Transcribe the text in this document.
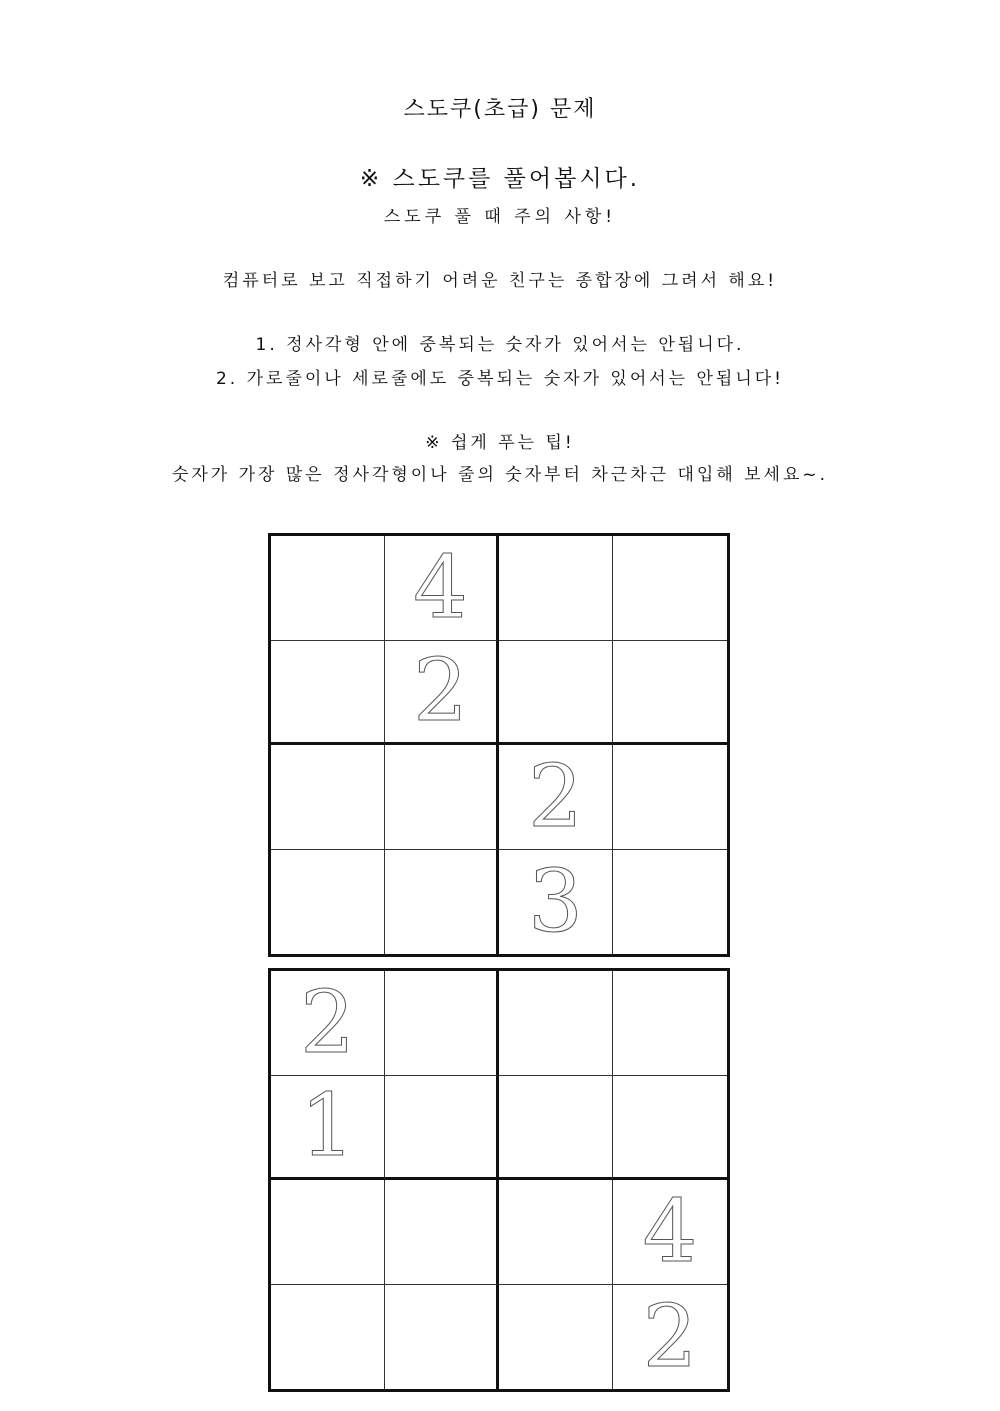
스도쿠(초급) 문제
※ 스도쿠를 풀어봅시다.
스도쿠 풀 때 주의 사항!
컴퓨터로 보고 직접하기 어려운 친구는 종합장에 그려서 해요!
1. 정사각형 안에 중복되는 숫자가 있어서는 안됩니다.
2. 가로줄이나 세로줄에도 중복되는 숫자가 있어서는 안됩니다!
※ 쉽게 푸는 팁!
숫자가 가장 많은 정사각형이나 줄의 숫자부터 차근차근 대입해 보세요~.
4
2
2
3
2
1
4
2
